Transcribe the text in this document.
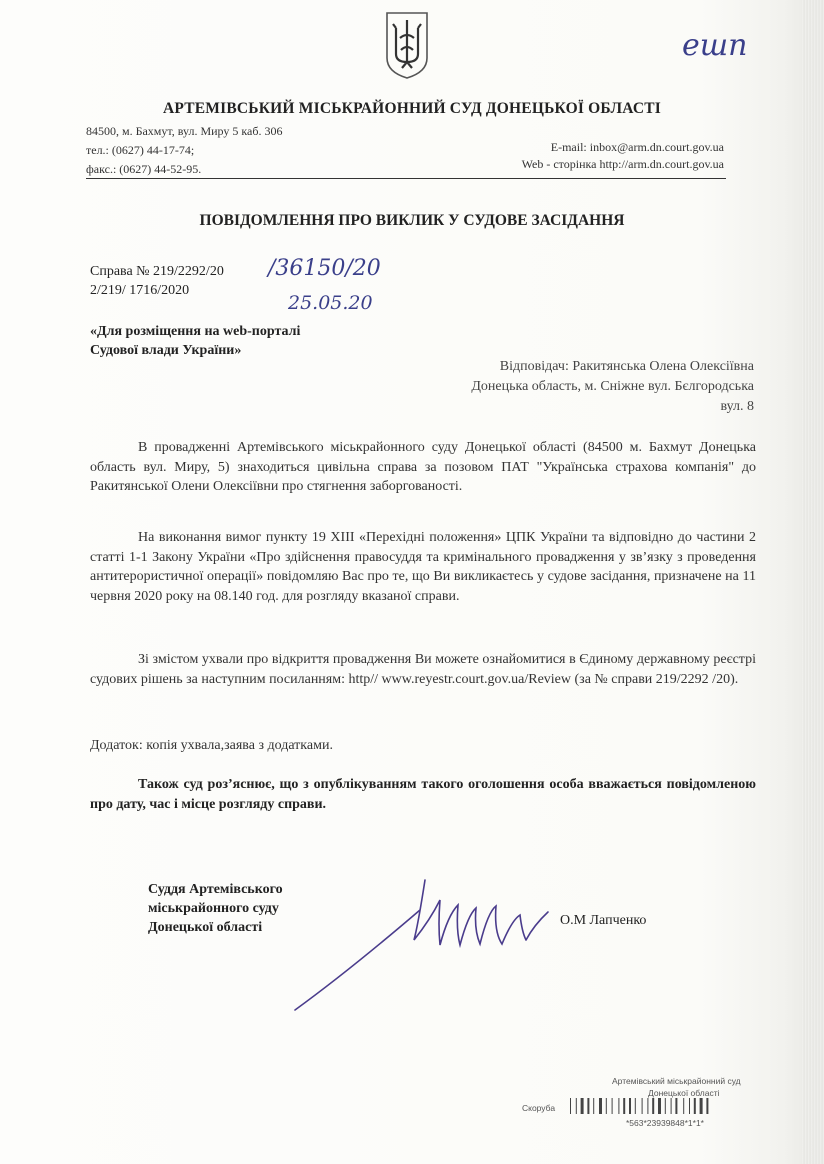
ешп
АРТЕМІВСЬКИЙ МІСЬКРАЙОННИЙ СУД ДОНЕЦЬКОЇ ОБЛАСТІ
84500, м. Бахмут, вул. Миру 5 каб. 306
тел.: (0627) 44-17-74;
факс.: (0627) 44-52-95.
E-mail: inbox@arm.dn.court.gov.ua
Web - сторінка http://arm.dn.court.gov.ua
ПОВІДОМЛЕННЯ ПРО ВИКЛИК У СУДОВЕ ЗАСІДАННЯ
Справа № 219/2292/20
2/219/ 1716/2020
/36150/20
25.05.20
«Для розміщення на web-порталі
Судової влади України»
Відповідач: Ракитянська Олена Олексіївна
Донецька область, м. Сніжне вул. Бєлгородська
вул. 8
В провадженні Артемівського міськрайонного суду Донецької області (84500 м. Бахмут Донецька область вул. Миру, 5) знаходиться цивільна справа за позовом ПАТ "Українська страхова компанія" до Ракитянської Олени Олексіївни про стягнення заборгованості.
На виконання вимог пункту 19 XIII «Перехідні положення» ЦПК України та відповідно до частини 2 статті 1-1 Закону України «Про здійснення правосуддя та кримінального провадження у зв’язку з проведення антитерористичної операції» повідомляю Вас про те, що Ви викликаєтесь у судове засідання, призначене на 11 червня 2020 року на 08.140 год. для розгляду вказаної справи.
Зі змістом ухвали про відкриття провадження Ви можете ознайомитися в Єдиному державному реєстрі судових рішень за наступним посиланням: http// www.reyestr.court.gov.ua/Review (за № справи 219/2292 /20).
Додаток: копія ухвала,заява з додатками.
Також суд роз’яснює, що з опублікуванням такого оголошення особа вважається повідомленою про дату, час і місце розгляду справи.
Суддя Артемівського
міськрайонного суду
Донецької області	О.М Лапченко
Артемівський міськрайонний суд
Донецької області
Скоруба
*563*23939848*1*1*
